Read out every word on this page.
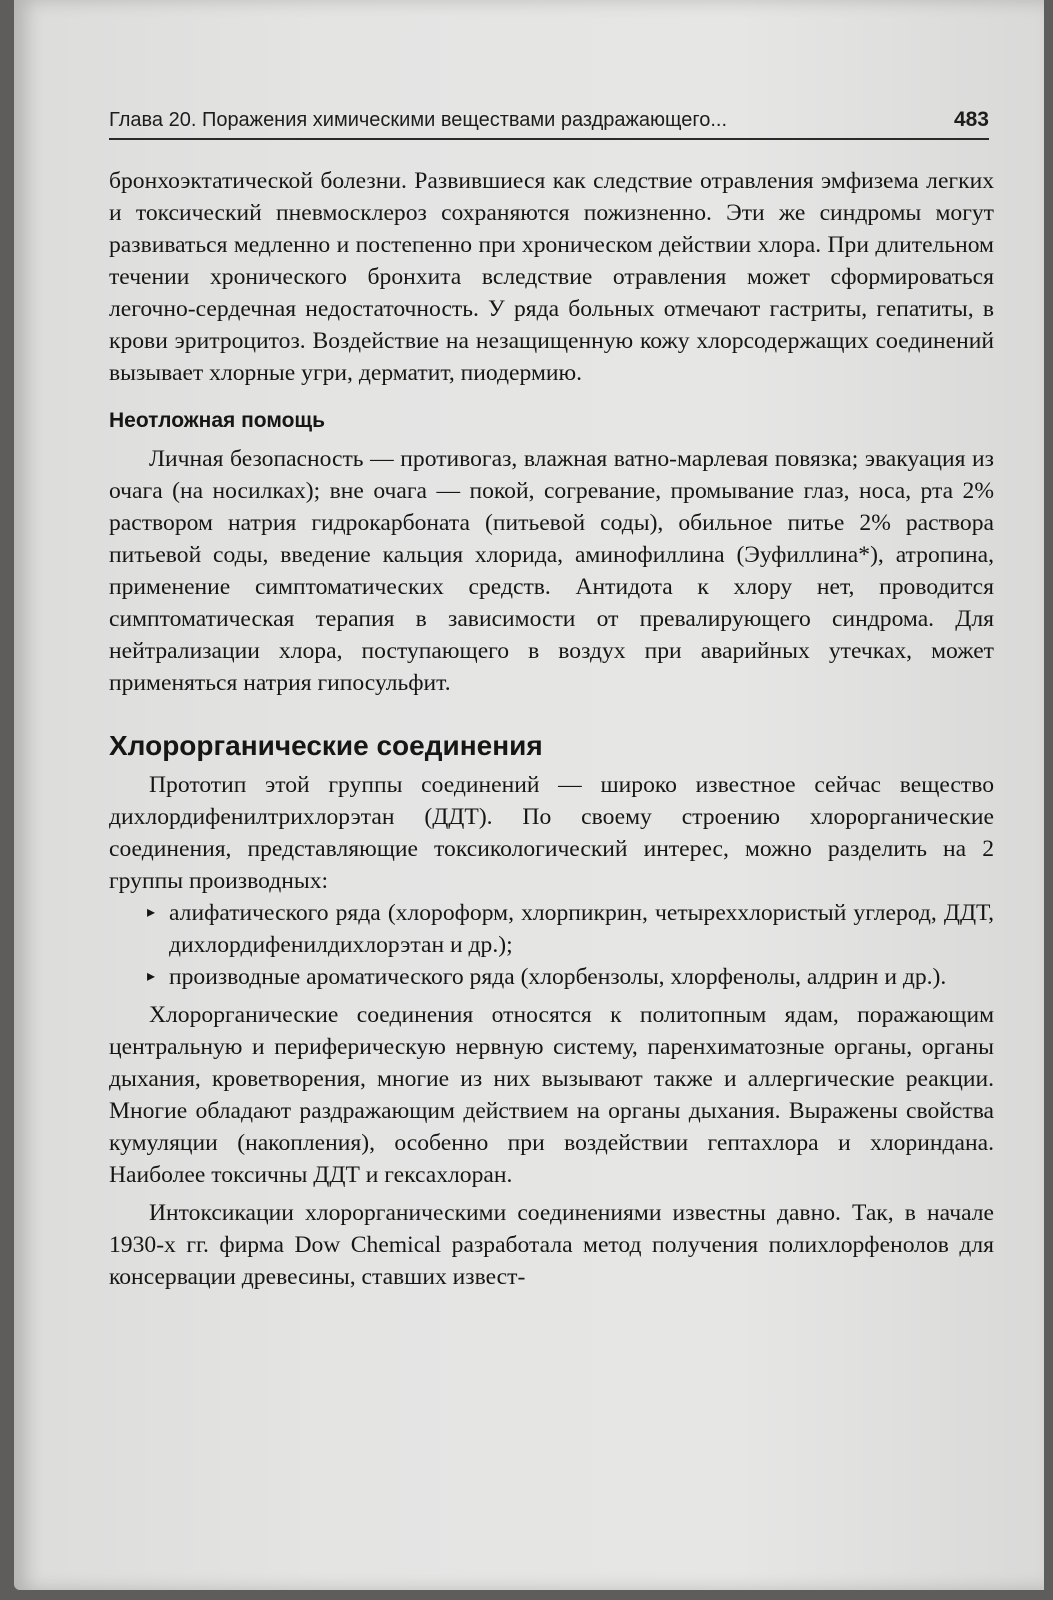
Глава 20. Поражения химическими веществами раздражающего...	483

бронхоэктатической болезни. Развившиеся как следствие отравления эмфизема легких и токсический пневмосклероз сохраняются пожизненно. Эти же синдромы могут развиваться медленно и постепенно при хроническом действии хлора. При длительном течении хронического бронхита вследствие отравления может сформироваться легочно-сердечная недостаточность. У ряда больных отмечают гастриты, гепатиты, в крови эритроцитоз. Воздействие на незащищенную кожу хлорсодержащих соединений вызывает хлорные угри, дерматит, пиодермию.

Неотложная помощь

Личная безопасность — противогаз, влажная ватно-марлевая повязка; эвакуация из очага (на носилках); вне очага — покой, согревание, промывание глаз, носа, рта 2% раствором натрия гидрокарбоната (питьевой соды), обильное питье 2% раствора питьевой соды, введение кальция хлорида, аминофиллина (Эуфиллина*), атропина, применение симптоматических средств. Антидота к хлору нет, проводится симптоматическая терапия в зависимости от превалирующего синдрома. Для нейтрализации хлора, поступающего в воздух при аварийных утечках, может применяться натрия гипосульфит.

Хлорорганические соединения

Прототип этой группы соединений — широко известное сейчас вещество дихлордифенилтрихлорэтан (ДДТ). По своему строению хлорорганические соединения, представляющие токсикологический интерес, можно разделить на 2 группы производных:

▸ алифатического ряда (хлороформ, хлорпикрин, четыреххлористый углерод, ДДТ, дихлордифенилдихлорэтан и др.);
▸ производные ароматического ряда (хлорбензолы, хлорфенолы, алдрин и др.).

Хлорорганические соединения относятся к политопным ядам, поражающим центральную и периферическую нервную систему, паренхиматозные органы, органы дыхания, кроветворения, многие из них вызывают также и аллергические реакции. Многие обладают раздражающим действием на органы дыхания. Выражены свойства кумуляции (накопления), особенно при воздействии гептахлора и хлориндана. Наиболее токсичны ДДТ и гексахлоран.

Интоксикации хлорорганическими соединениями известны давно. Так, в начале 1930-х гг. фирма Dow Chemical разработала метод получения полихлорфенолов для консервации древесины, ставших извест-
